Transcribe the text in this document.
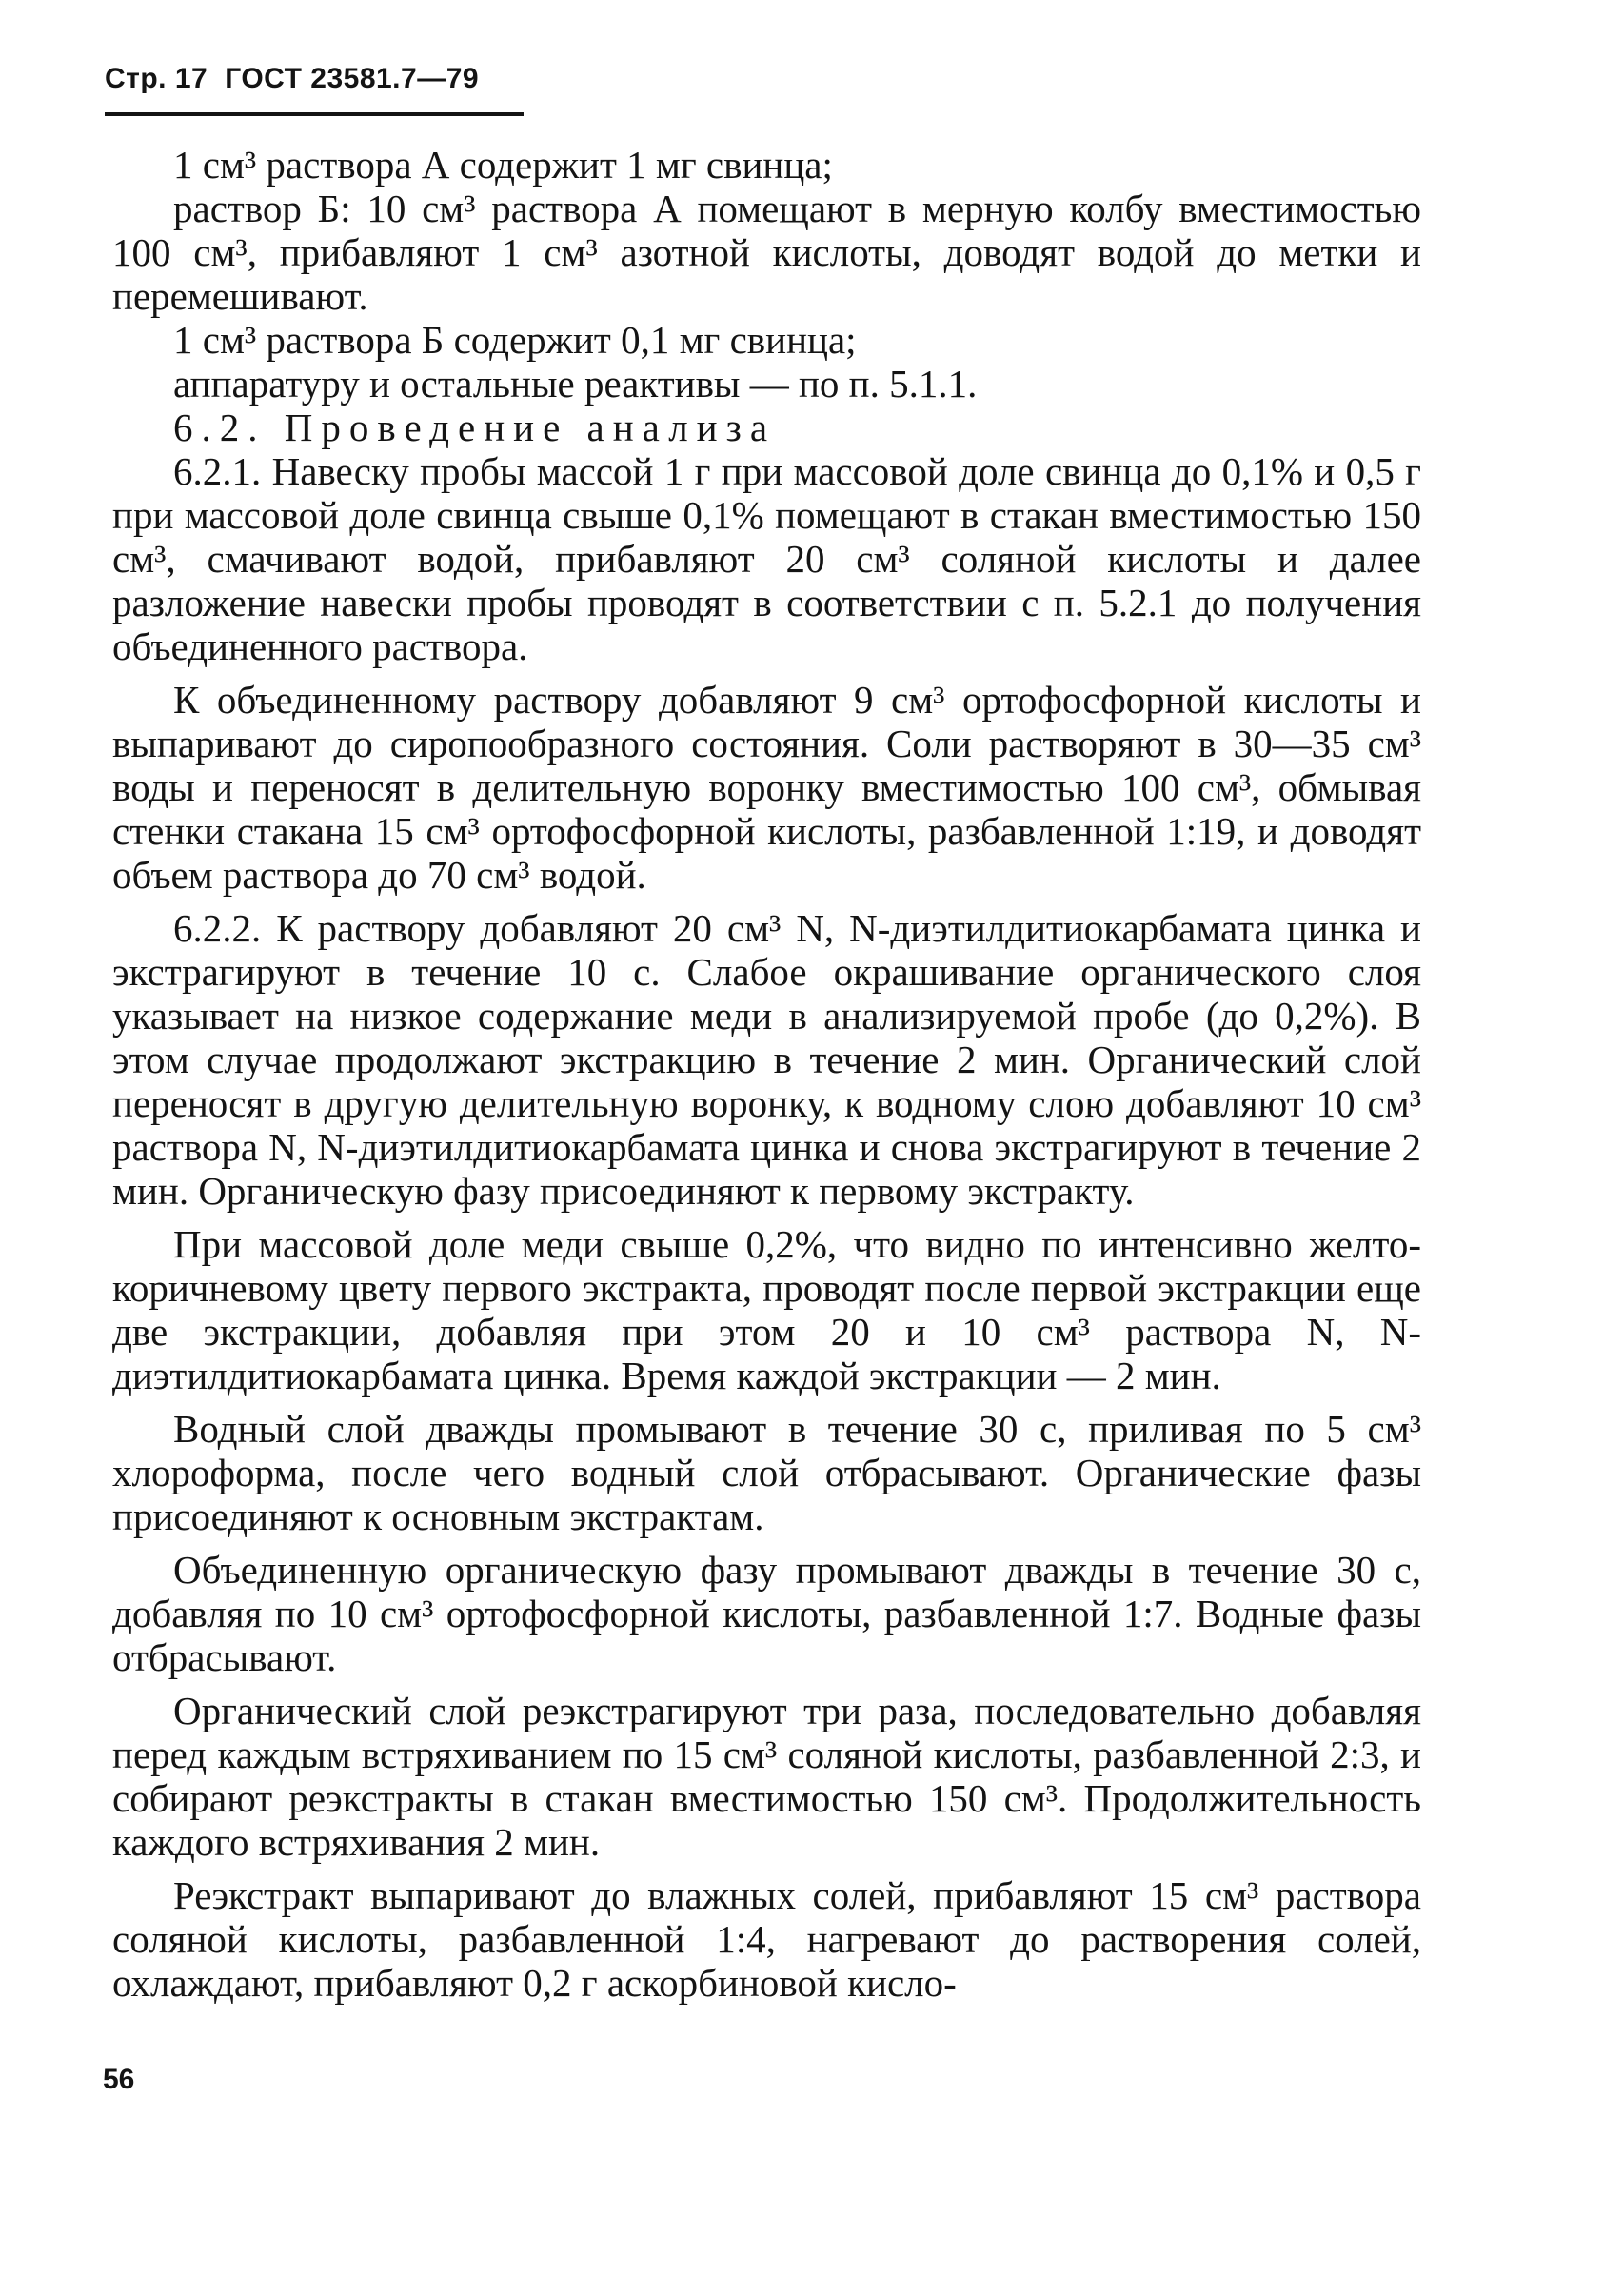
Стр. 17 ГОСТ 23581.7—79

1 см³ раствора А содержит 1 мг свинца;

раствор Б: 10 см³ раствора А помещают в мерную колбу вместимостью 100 см³, прибавляют 1 см³ азотной кислоты, доводят водой до метки и перемешивают.

1 см³ раствора Б содержит 0,1 мг свинца;

аппаратуру и остальные реактивы — по п. 5.1.1.

6.2. Проведение анализа

6.2.1. Навеску пробы массой 1 г при массовой доле свинца до 0,1% и 0,5 г при массовой доле свинца свыше 0,1% помещают в стакан вместимостью 150 см³, смачивают водой, прибавляют 20 см³ соляной кислоты и далее разложение навески пробы проводят в соответствии с п. 5.2.1 до получения объединенного раствора.

К объединенному раствору добавляют 9 см³ ортофосфорной кислоты и выпаривают до сиропообразного состояния. Соли растворяют в 30—35 см³ воды и переносят в делительную воронку вместимостью 100 см³, обмывая стенки стакана 15 см³ ортофосфорной кислоты, разбавленной 1:19, и доводят объем раствора до 70 см³ водой.

6.2.2. К раствору добавляют 20 см³ N, N-диэтилдитиокарбамата цинка и экстрагируют в течение 10 с. Слабое окрашивание органического слоя указывает на низкое содержание меди в анализируемой пробе (до 0,2%). В этом случае продолжают экстракцию в течение 2 мин. Органический слой переносят в другую делительную воронку, к водному слою добавляют 10 см³ раствора N, N-диэтилдитиокарбамата цинка и снова экстрагируют в течение 2 мин. Органическую фазу присоединяют к первому экстракту.

При массовой доле меди свыше 0,2%, что видно по интенсивно желто-коричневому цвету первого экстракта, проводят после первой экстракции еще две экстракции, добавляя при этом 20 и 10 см³ раствора N, N-диэтилдитиокарбамата цинка. Время каждой экстракции — 2 мин.

Водный слой дважды промывают в течение 30 с, приливая по 5 см³ хлороформа, после чего водный слой отбрасывают. Органические фазы присоединяют к основным экстрактам.

Объединенную органическую фазу промывают дважды в течение 30 с, добавляя по 10 см³ ортофосфорной кислоты, разбавленной 1:7. Водные фазы отбрасывают.

Органический слой реэкстрагируют три раза, последовательно добавляя перед каждым встряхиванием по 15 см³ соляной кислоты, разбавленной 2:3, и собирают реэкстракты в стакан вместимостью 150 см³. Продолжительность каждого встряхивания 2 мин.

Реэкстракт выпаривают до влажных солей, прибавляют 15 см³ раствора соляной кислоты, разбавленной 1:4, нагревают до растворения солей, охлаждают, прибавляют 0,2 г аскорбиновой кисло-

56
